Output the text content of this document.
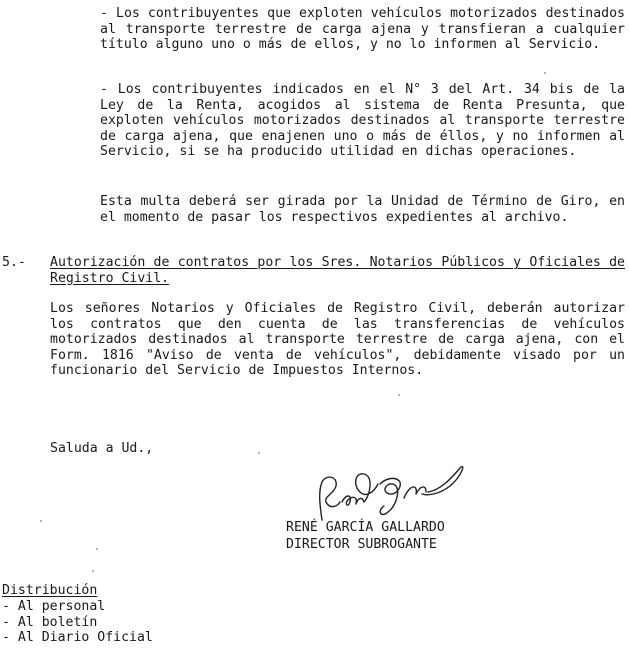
- Los contribuyentes que exploten vehículos motorizados destinados al transporte terrestre de carga ajena y transfieran a cualquier título alguno uno o más de ellos, y no lo informen al Servicio.

- Los contribuyentes indicados en el N° 3 del Art. 34 bis de la Ley de la Renta, acogidos al sistema de Renta Presunta, que exploten vehículos motorizados destinados al transporte terrestre de carga ajena, que enajenen uno o más de éllos, y no informen al Servicio, si se ha producido utilidad en dichas operaciones.

Esta multa deberá ser girada por la Unidad de Término de Giro, en el momento de pasar los respectivos expedientes al archivo.

5.- Autorización de contratos por los Sres. Notarios Públicos y Oficiales de Registro Civil.

Los señores Notarios y Oficiales de Registro Civil, deberán autorizar los contratos que den cuenta de las transferencias de vehículos motorizados destinados al transporte terrestre de carga ajena, con el Form. 1816 "Aviso de venta de vehículos", debidamente visado por un funcionario del Servicio de Impuestos Internos.

Saluda a Ud.,

RENÉ GARCÍA GALLARDO
DIRECTOR SUBROGANTE
Distribución
- Al personal
- Al boletín
- Al Diario Oficial
